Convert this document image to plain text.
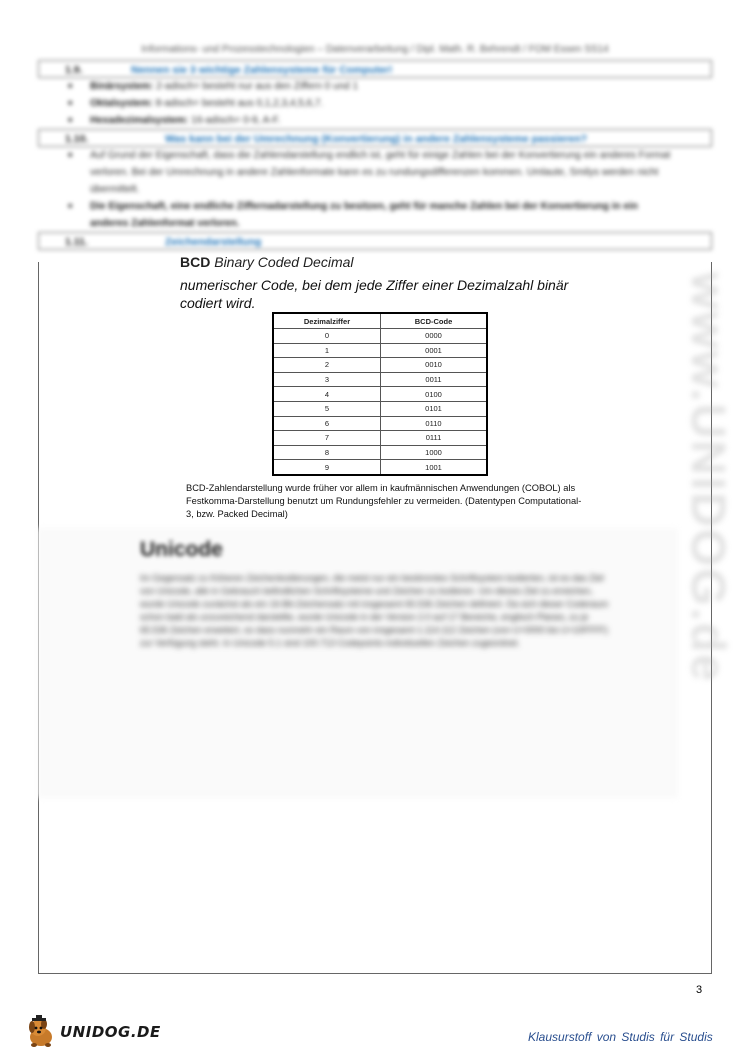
Informations- und Prozesstechnologien – Datenverarbeitung / Dipl. Math. R. Behrendt / FOM Essen SS14
1.9.	Nennen sie 3 wichtige Zahlensysteme für Computer!
■ Binärsystem: 2-adisch= besteht nur aus den Ziffern 0 und 1
■ Oktalsystem: 8-adisch= besteht aus 0,1,2,3,4,5,6,7.
■ Hexadezimalsystem: 16-adisch= 0-9, A-F.
1.10.	Was kann bei der Umrechnung (Konvertierung) in andere Zahlensysteme passieren?
■ Auf Grund der Eigenschaft, dass die Zahlendarstellung endlich ist, geht für einige Zahlen bei der Konvertierung ein anderes Format verloren. Bei der Umrechnung in andere Zahlenformate kann es zu rundungsdifferenzen kommen. Umlaute, Smilys werden nicht übermittelt.
■ Die Eigenschaft, eine endliche Ziffernadarstellung zu besitzen, geht für manche Zahlen bei der Konvertierung in ein anderes Zahlenformat verloren.
1.11.	Zeichendarstellung
www.UNIDOG.de
BCD Binary Coded Decimal
numerischer Code, bei dem jede Ziffer einer Dezimalzahl binär codiert wird.
Dezimalziffer	BCD-Code
0	0000
1	0001
2	0010
3	0011
4	0100
5	0101
6	0110
7	0111
8	1000
9	1001
BCD-Zahlendarstellung wurde früher vor allem in kaufmännischen Anwendungen (COBOL) als Festkomma-Darstellung benutzt um Rundungsfehler zu vermeiden. (Datentypen Computational-3, bzw. Packed Decimal)
Unicode
Im Gegensatz zu früheren Zeichenkodierungen, die meist nur ein bestimmtes Schriftsystem kodierten, ist es das Ziel von Unicode, alle in Gebrauch befindlichen Schriftsysteme und Zeichen zu kodieren. Um dieses Ziel zu erreichen, wurde Unicode zunächst als ein 16-Bit-Zeichensatz mit insgesamt 65.536 Zeichen definiert. Da sich dieser Coderaum schon bald als unzureichend darstellte, wurde Unicode in der Version 2.0 auf 17 Bereiche, englisch Planes, zu je 65.536 Zeichen erweitert, so dass nunmehr ein Raum von insgesamt 1.114.112 Zeichen (von U+0000 bis U+10FFFF) zur Verfügung steht. In Unicode 5.1 sind 100.713 Codepoints individuellen Zeichen zugeordnet.
3
UNIDOG.DE	Klausurstoff von Studis für Studis
